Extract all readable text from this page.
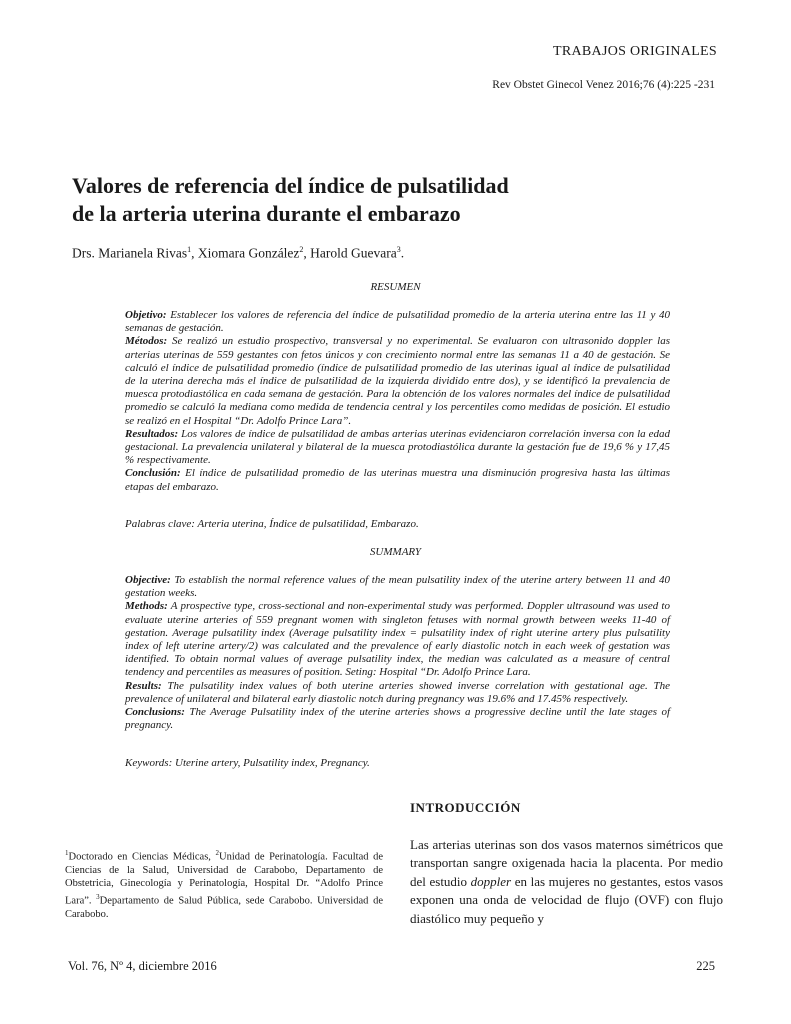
TRABAJOS ORIGINALES
Rev Obstet Ginecol Venez 2016;76 (4):225 -231
Valores de referencia del índice de pulsatilidad
de la arteria uterina durante el embarazo
Drs. Marianela Rivas$^1$, Xiomara González$^2$, Harold Guevara$^3$.
RESUMEN

Objetivo: Establecer los valores de referencia del índice de pulsatilidad promedio de la arteria uterina entre las 11 y 40 semanas de gestación.

Métodos: Se realizó un estudio prospectivo, transversal y no experimental. Se evaluaron con ultrasonido doppler las arterias uterinas de 559 gestantes con fetos únicos y con crecimiento normal entre las semanas 11 a 40 de gestación. Se calculó el índice de pulsatilidad promedio (índice de pulsatilidad promedio de las uterinas igual al índice de pulsatilidad de la uterina derecha más el índice de pulsatilidad de la izquierda dividido entre dos), y se identificó la prevalencia de muesca protodiastólica en cada semana de gestación. Para la obtención de los valores normales del índice de pulsatilidad promedio se calculó la mediana como medida de tendencia central y los percentiles como medidas de posición. El estudio se realizó en el Hospital “Dr. Adolfo Prince Lara”.

Resultados: Los valores de índice de pulsatilidad de ambas arterias uterinas evidenciaron correlación inversa con la edad gestacional. La prevalencia unilateral y bilateral de la muesca protodiastólica durante la gestación fue de 19,6 % y 17,45 % respectivamente.

Conclusión: El índice de pulsatilidad promedio de las uterinas muestra una disminución progresiva hasta las últimas etapas del embarazo.

Palabras clave: Arteria uterina, Índice de pulsatilidad, Embarazo.
SUMMARY

Objective: To establish the normal reference values of the mean pulsatility index of the uterine artery between 11 and 40 gestation weeks.

Methods: A prospective type, cross-sectional and non-experimental study was performed. Doppler ultrasound was used to evaluate uterine arteries of 559 pregnant women with singleton fetuses with normal growth between weeks 11-40 of gestation. Average pulsatility index (Average pulsatility index = pulsatility index of right uterine artery plus pulsatility index of left uterine artery/2) was calculated and the prevalence of early diastolic notch in each week of gestation was identified. To obtain normal values of average pulsatility index, the median was calculated as a measure of central tendency and percentiles as measures of position. Seting: Hospital “Dr. Adolfo Prince Lara.

Results: The pulsatility index values of both uterine arteries showed inverse correlation with gestational age. The prevalence of unilateral and bilateral early diastolic notch during pregnancy was 19.6% and 17.45% respectively.

Conclusions: The Average Pulsatility index of the uterine arteries shows a progressive decline until the late stages of pregnancy.

Keywords: Uterine artery, Pulsatility index, Pregnancy.
INTRODUCCIÓN

Las arterias uterinas son dos vasos maternos simétricos que transportan sangre oxigenada hacia la placenta. Por medio del estudio doppler en las mujeres no gestantes, estos vasos exponen una onda de velocidad de flujo (OVF) con flujo diastólico muy pequeño y

$^1$Doctorado en Ciencias Médicas, $^2$Unidad de Perinatología. Facultad de Ciencias de la Salud, Universidad de Carabobo, Departamento de Obstetricia, Ginecología y Perinatología, Hospital Dr. “Adolfo Prince Lara”. $^3$Departamento de Salud Pública, sede Carabobo. Universidad de Carabobo.

Vol. 76, Nº 4, diciembre 2016	225
